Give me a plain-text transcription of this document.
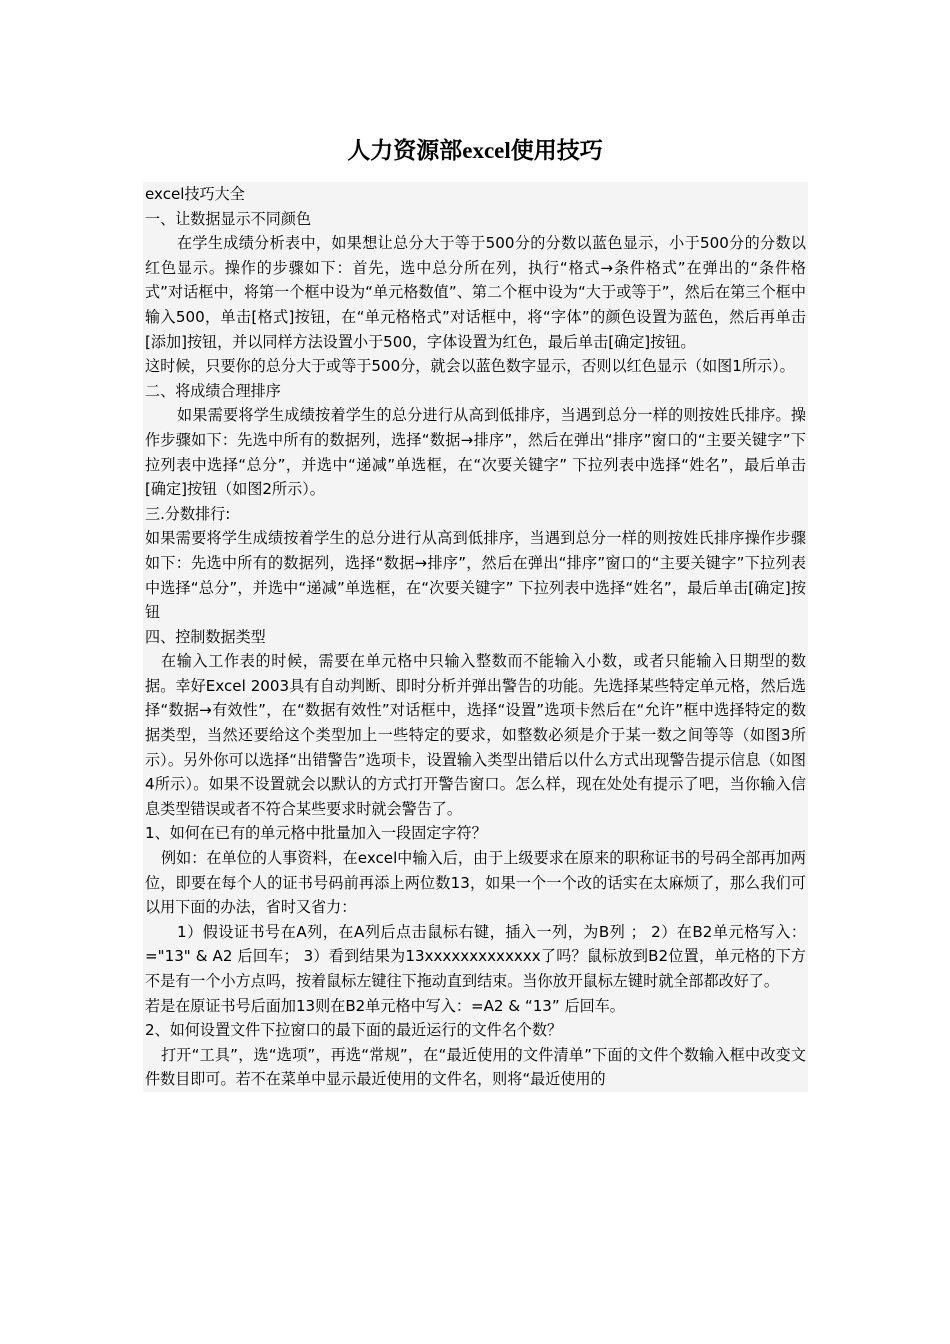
人力资源部excel使用技巧

excel技巧大全

一、让数据显示不同颜色

在学生成绩分析表中，如果想让总分大于等于500分的分数以蓝色显示，小于500分的分数以红色显示。操作的步骤如下：首先，选中总分所在列，执行“格式→条件格式”在弹出的“条件格式”对话框中，将第一个框中设为“单元格数值”、第二个框中设为“大于或等于”，然后在第三个框中输入500，单击[格式]按钮，在“单元格格式”对话框中，将“字体”的颜色设置为蓝色，然后再单击[添加]按钮，并以同样方法设置小于500，字体设置为红色，最后单击[确定]按钮。

这时候，只要你的总分大于或等于500分，就会以蓝色数字显示，否则以红色显示（如图1所示）。

二、将成绩合理排序

如果需要将学生成绩按着学生的总分进行从高到低排序，当遇到总分一样的则按姓氏排序。操作步骤如下：先选中所有的数据列，选择“数据→排序”，然后在弹出“排序”窗口的“主要关键字”下拉列表中选择“总分”，并选中“递减”单选框，在“次要关键字” 下拉列表中选择“姓名”，最后单击[确定]按钮（如图2所示）。

三.分数排行:

如果需要将学生成绩按着学生的总分进行从高到低排序，当遇到总分一样的则按姓氏排序操作步骤如下：先选中所有的数据列，选择“数据→排序”，然后在弹出“排序”窗口的“主要关键字”下拉列表中选择“总分”，并选中“递减”单选框，在“次要关键字” 下拉列表中选择“姓名”，最后单击[确定]按钮

四、控制数据类型

在输入工作表的时候，需要在单元格中只输入整数而不能输入小数，或者只能输入日期型的数据。幸好Excel 2003具有自动判断、即时分析并弹出警告的功能。先选择某些特定单元格，然后选择“数据→有效性”，在“数据有效性”对话框中，选择“设置”选项卡然后在“允许”框中选择特定的数据类型，当然还要给这个类型加上一些特定的要求，如整数必须是介于某一数之间等等（如图3所示）。另外你可以选择“出错警告”选项卡，设置输入类型出错后以什么方式出现警告提示信息（如图4所示）。如果不设置就会以默认的方式打开警告窗口。怎么样，现在处处有提示了吧，当你输入信息类型错误或者不符合某些要求时就会警告了。

1、如何在已有的单元格中批量加入一段固定字符？

例如：在单位的人事资料，在excel中输入后，由于上级要求在原来的职称证书的号码全部再加两位，即要在每个人的证书号码前再添上两位数13，如果一个一个改的话实在太麻烦了，那么我们可以用下面的办法，省时又省力：

1）假设证书号在A列，在A列后点击鼠标右键，插入一列，为B列 ； 2）在B2单元格写入： ="13" & A2 后回车； 3）看到结果为13xxxxxxxxxxxxx了吗？鼠标放到B2位置，单元格的下方不是有一个小方点吗，按着鼠标左键往下拖动直到结束。当你放开鼠标左键时就全部都改好了。

若是在原证书号后面加13则在B2单元格中写入：=A2 & “13” 后回车。

2、如何设置文件下拉窗口的最下面的最近运行的文件名个数？

打开“工具”，选“选项”，再选“常规”，在“最近使用的文件清单”下面的文件个数输入框中改变文件数目即可。若不在菜单中显示最近使用的文件名，则将“最近使用的
